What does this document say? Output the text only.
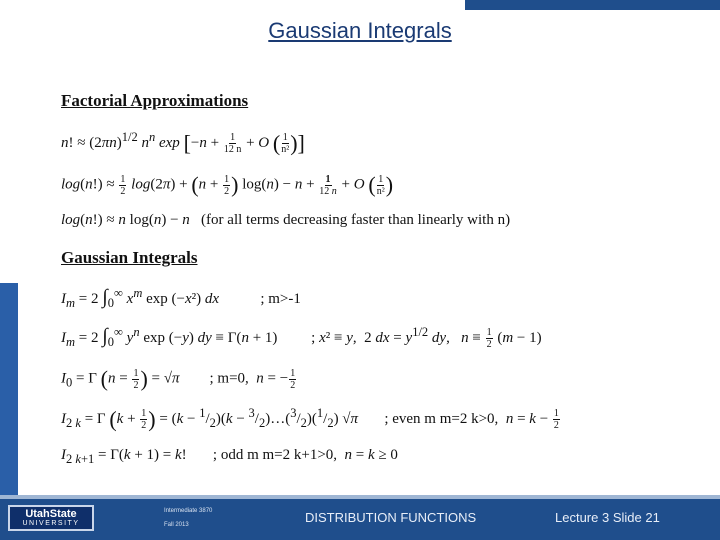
Gaussian Integrals
Factorial Approximations
n! ≈ $(2\pi n)^{1/2}$ $n^n$ $\exp [-n + \frac{1}{12 n} + O$ ( $\frac{1}{\text{n²}}$ )]
$\log(n!) \approx \frac{1}{2} \log(2\pi) + (n + \frac{1}{2}$ ) $\log(n) - n + \frac{1}{12 n} + O$ ( $\frac{1}{\text{n²}}$ )
log(n!) ≈ n log(n) − n (for all terms decreasing faster than linearly with n)
Gaussian Integrals
$I_m = 2$ $\int_0^\infty$ $x^m$ exp (−x²) dx	; m>-1
$I_m = 2$ $\int_0^\infty$ $y^n$ exp (−y) dy ≡ Γ(n + 1)         ; x² ≡ y,  2 dx = $y^{1/2}$ dy,   $n \equiv \frac{1}{2} (m - 1)$
$I_0 = \Gamma$ ($n = \frac{1}{2}$ ) = √π ; m=0, n = − $\frac{1}{2}$
$I_{2 k} = \Gamma$ ($k + \frac{1}{2}$ ) = $(k - ^1/_2)(k$ − $^3/_2)\dots(^3/_2)(^1/_2)$ √π ; even m m=2 k>0, $n = k - \frac{1}{2}$
$I_{2 k+1} = \Gamma(k + 1) = k$!       ; odd m m=2 k+1>0, n = k ≥ 0
UtahState
UNIVERSITY
Intermediate 3870
Fall 2013	DISTRIBUTION FUNCTIONS	Lecture 3 Slide 21
